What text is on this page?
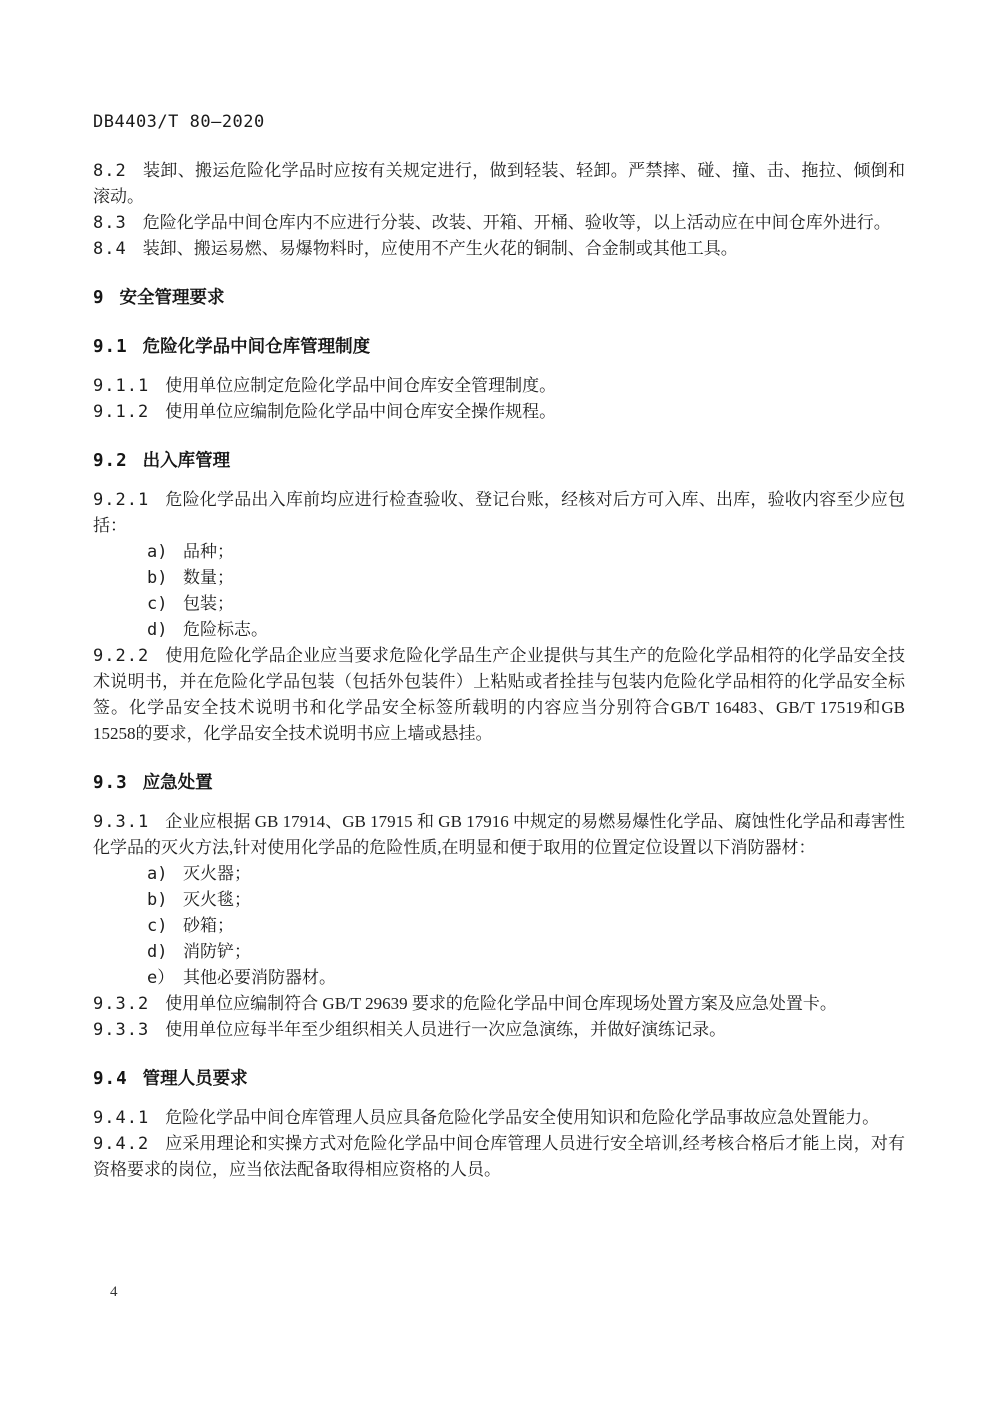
DB4403/T 80—2020

8.2 装卸、搬运危险化学品时应按有关规定进行，做到轻装、轻卸。严禁摔、碰、撞、击、拖拉、倾倒和滚动。

8.3 危险化学品中间仓库内不应进行分装、改装、开箱、开桶、验收等，以上活动应在中间仓库外进行。

8.4 装卸、搬运易燃、易爆物料时，应使用不产生火花的铜制、合金制或其他工具。

9 安全管理要求
9.1 危险化学品中间仓库管理制度

9.1.1 使用单位应制定危险化学品中间仓库安全管理制度。

9.1.2 使用单位应编制危险化学品中间仓库安全操作规程。

9.2 出入库管理

9.2.1 危险化学品出入库前均应进行检查验收、登记台账，经核对后方可入库、出库，验收内容至少应包括：

a) 品种；
b) 数量；
c) 包装；
d) 危险标志。

9.2.2 使用危险化学品企业应当要求危险化学品生产企业提供与其生产的危险化学品相符的化学品安全技术说明书，并在危险化学品包装（包括外包装件）上粘贴或者拴挂与包装内危险化学品相符的化学品安全标签。化学品安全技术说明书和化学品安全标签所载明的内容应当分别符合GB/T 16483、GB/T 17519和GB 15258的要求，化学品安全技术说明书应上墙或悬挂。

9.3 应急处置

9.3.1 企业应根据 GB 17914、GB 17915 和 GB 17916 中规定的易燃易爆性化学品、腐蚀性化学品和毒害性化学品的灭火方法,针对使用化学品的危险性质,在明显和便于取用的位置定位设置以下消防器材：

a) 灭火器；
b) 灭火毯；
c) 砂箱；
d) 消防铲；
e） 其他必要消防器材。

9.3.2 使用单位应编制符合 GB/T 29639 要求的危险化学品中间仓库现场处置方案及应急处置卡。

9.3.3 使用单位应每半年至少组织相关人员进行一次应急演练，并做好演练记录。

9.4 管理人员要求

9.4.1 危险化学品中间仓库管理人员应具备危险化学品安全使用知识和危险化学品事故应急处置能力。

9.4.2 应采用理论和实操方式对危险化学品中间仓库管理人员进行安全培训,经考核合格后才能上岗，对有资格要求的岗位，应当依法配备取得相应资格的人员。

4
